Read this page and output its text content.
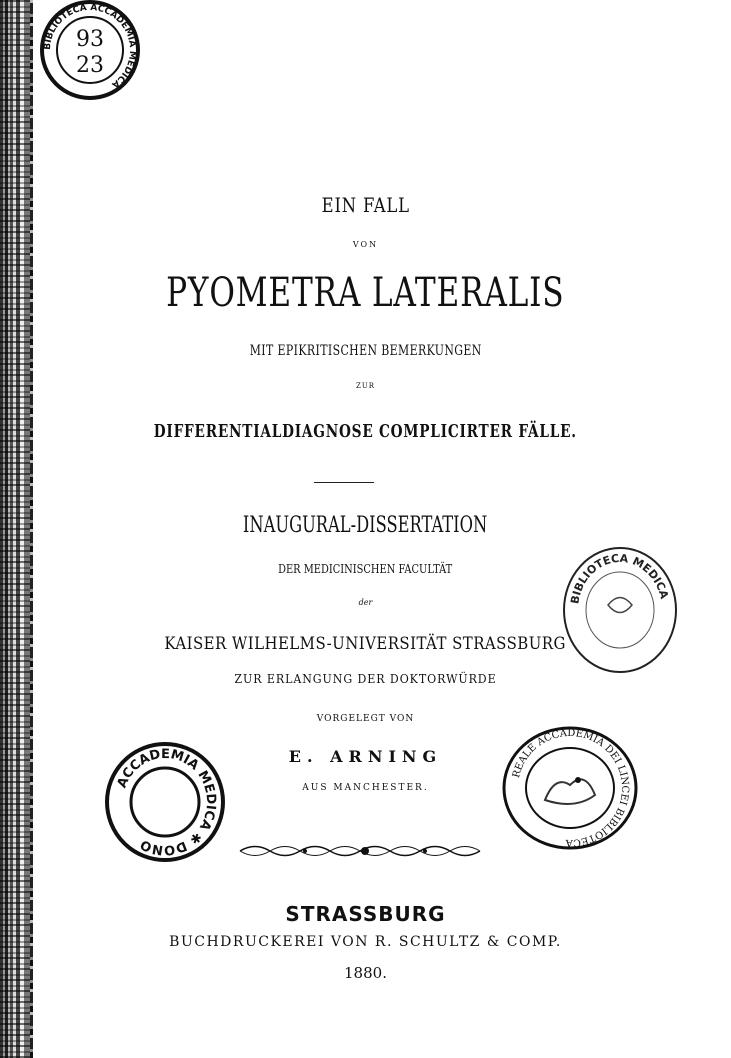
BIBLIOTECA ACCADEMIA MEDICA
93
23

EIN FALL

VON

PYOMETRA LATERALIS

MIT EPIKRITISCHEN BEMERKUNGEN

ZUR

DIFFERENTIALDIAGNOSE COMPLICIRTER FÄLLE.

INAUGURAL-DISSERTATION

DER MEDICINISCHEN FACULTÄT

der

KAISER WILHELMS-UNIVERSITÄT STRASSBURG

ZUR ERLANGUNG DER DOKTORWÜRDE

VORGELEGT VON

E. ARNING

AUS MANCHESTER.

STRASSBURG

BUCHDRUCKEREI VON R. SCHULTZ & COMP.

1880.

BIBLIOTECA MEDICA
ACCADEMIA MEDICA ✱ DONO
REALE ACCADEMIA DEI LINCEI BIBLIOTECA
